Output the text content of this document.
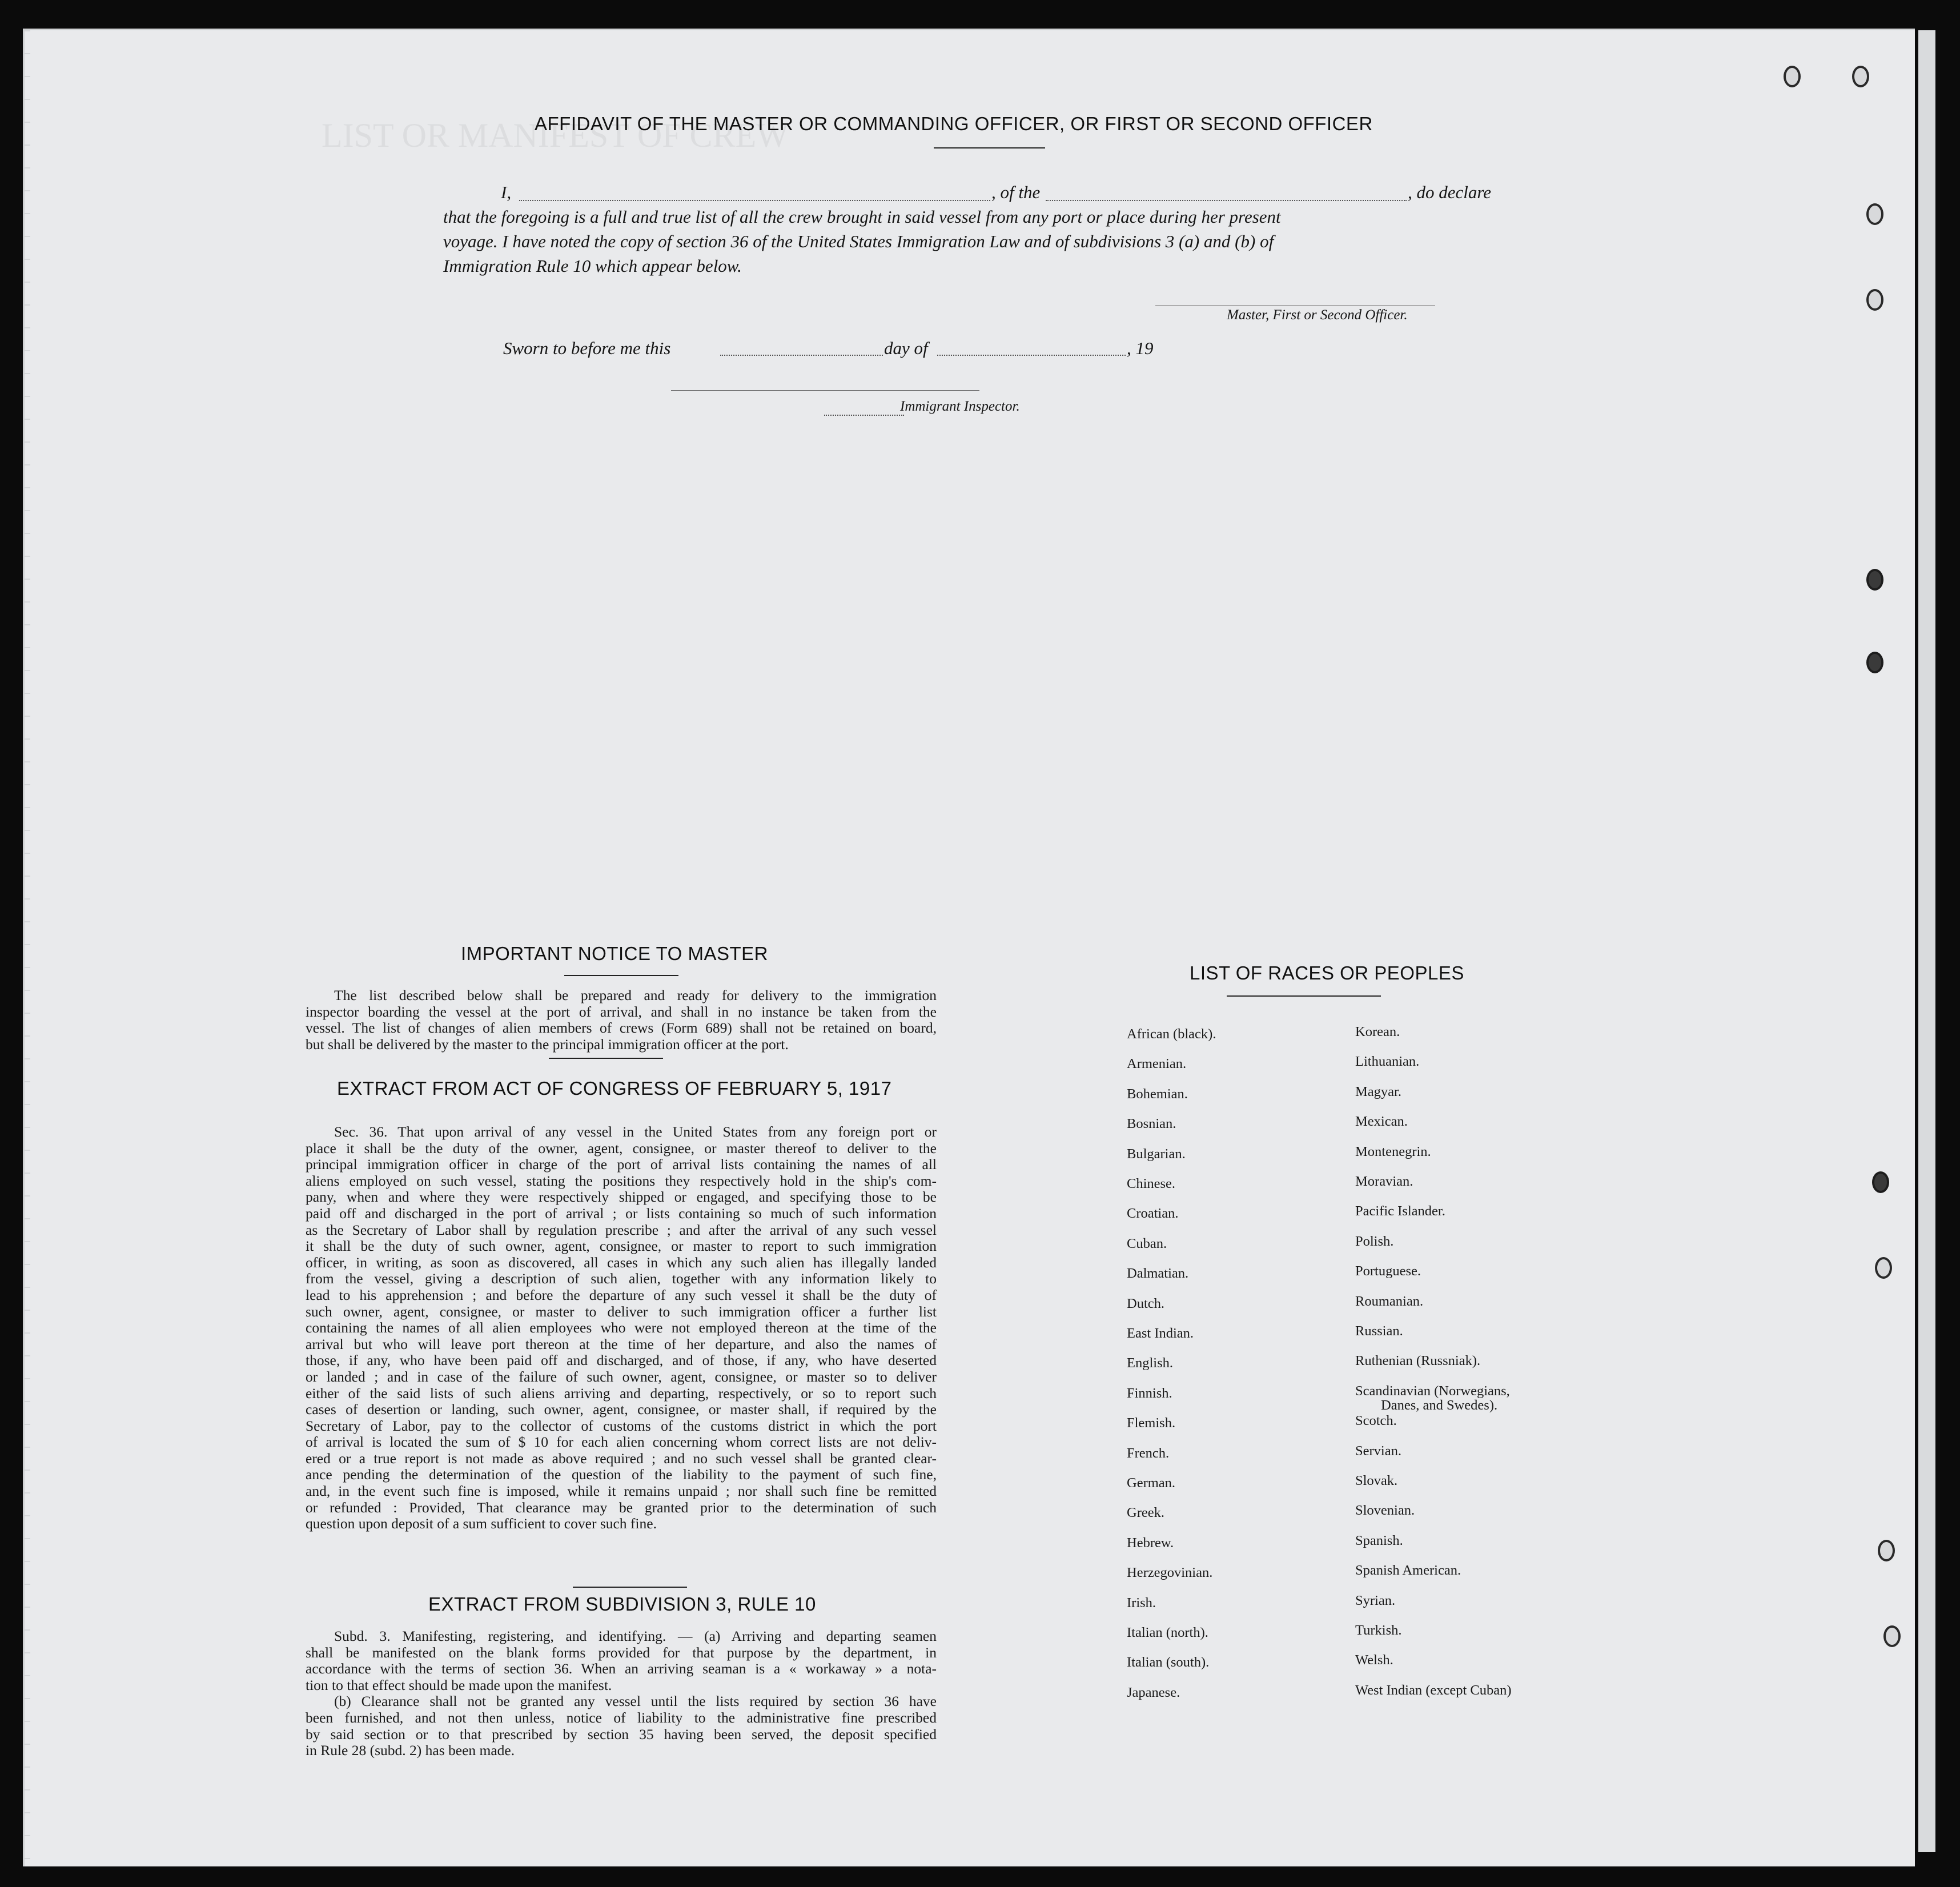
LIST OR MANIFEST OF CREW

AFFIDAVIT OF THE MASTER OR COMMANDING OFFICER, OR FIRST OR SECOND OFFICER
I,	, of the	, do declare
that the foregoing is a full and true list of all the crew brought in said vessel from any port or place during her present
voyage. I have noted the copy of section 36 of the United States Immigration Law and of subdivisions 3 (a) and (b) of
Immigration Rule 10 which appear below.
Master, First or Second Officer.
Sworn to before me this	day of	, 19
Immigrant Inspector.
IMPORTANT NOTICE TO MASTER
The list described below shall be prepared and ready for delivery to the immigration
inspector boarding the vessel at the port of arrival, and shall in no instance be taken from the
vessel. The list of changes of alien members of crews (Form 689) shall not be retained on board,
but shall be delivered by the master to the principal immigration officer at the port.
EXTRACT FROM ACT OF CONGRESS OF FEBRUARY 5, 1917
Sec. 36. That upon arrival of any vessel in the United States from any foreign port or
place it shall be the duty of the owner, agent, consignee, or master thereof to deliver to the
principal immigration officer in charge of the port of arrival lists containing the names of all
aliens employed on such vessel, stating the positions they respectively hold in the ship's com-
pany, when and where they were respectively shipped or engaged, and specifying those to be
paid off and discharged in the port of arrival ; or lists containing so much of such information
as the Secretary of Labor shall by regulation prescribe ; and after the arrival of any such vessel
it shall be the duty of such owner, agent, consignee, or master to report to such immigration
officer, in writing, as soon as discovered, all cases in which any such alien has illegally landed
from the vessel, giving a description of such alien, together with any information likely to
lead to his apprehension ; and before the departure of any such vessel it shall be the duty of
such owner, agent, consignee, or master to deliver to such immigration officer a further list
containing the names of all alien employees who were not employed thereon at the time of the
arrival but who will leave port thereon at the time of her departure, and also the names of
those, if any, who have been paid off and discharged, and of those, if any, who have deserted
or landed ; and in case of the failure of such owner, agent, consignee, or master so to deliver
either of the said lists of such aliens arriving and departing, respectively, or so to report such
cases of desertion or landing, such owner, agent, consignee, or master shall, if required by the
Secretary of Labor, pay to the collector of customs of the customs district in which the port
of arrival is located the sum of $ 10 for each alien concerning whom correct lists are not deliv-
ered or a true report is not made as above required ; and no such vessel shall be granted clear-
ance pending the determination of the question of the liability to the payment of such fine,
and, in the event such fine is imposed, while it remains unpaid ; nor shall such fine be remitted
or refunded : Provided, That clearance may be granted prior to the determination of such
question upon deposit of a sum sufficient to cover such fine.
EXTRACT FROM SUBDIVISION 3, RULE 10
Subd. 3. Manifesting, registering, and identifying. — (a) Arriving and departing seamen
shall be manifested on the blank forms provided for that purpose by the department, in
accordance with the terms of section 36. When an arriving seaman is a « workaway » a nota-
tion to that effect should be made upon the manifest.
(b) Clearance shall not be granted any vessel until the lists required by section 36 have
been furnished, and not then unless, notice of liability to the administrative fine prescribed
by said section or to that prescribed by section 35 having been served, the deposit specified
in Rule 28 (subd. 2) has been made.
LIST OF RACES OR PEOPLES
African (black).
Armenian.
Bohemian.
Bosnian.
Bulgarian.
Chinese.
Croatian.
Cuban.
Dalmatian.
Dutch.
East Indian.
English.
Finnish.
Flemish.
French.
German.
Greek.
Hebrew.
Herzegovinian.
Irish.
Italian (north).
Italian (south).
Japanese.
Korean.
Lithuanian.
Magyar.
Mexican.
Montenegrin.
Moravian.
Pacific Islander.
Polish.
Portuguese.
Roumanian.
Russian.
Ruthenian (Russniak).
Scandinavian (Norwegians,
Danes, and Swedes).
Scotch.
Servian.
Slovak.
Slovenian.
Spanish.
Spanish American.
Syrian.
Turkish.
Welsh.
West Indian (except Cuban)
